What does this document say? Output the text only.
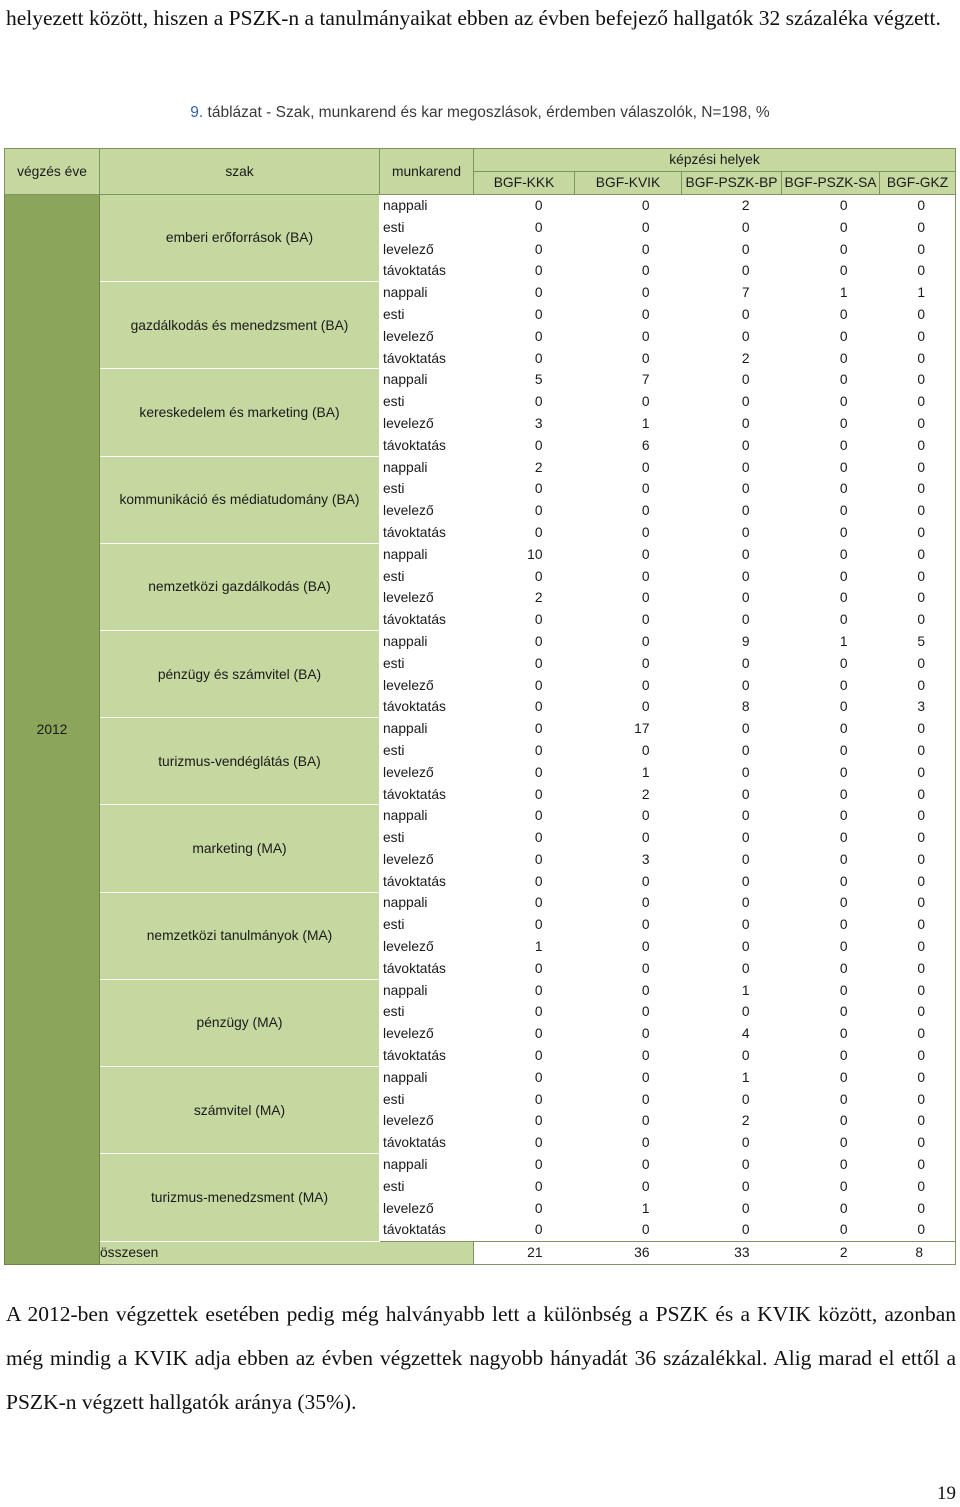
helyezett között, hiszen a PSZK-n a tanulmányaikat ebben az évben befejező hallgatók 32 százaléka végzett.

9. táblázat - Szak, munkarend és kar megoszlások, érdemben válaszolók, N=198, %
végzés éve	szak	munkarend	képzési helyek				
			BGF-KKK	BGF-KVIK	BGF-PSZK-BP	BGF-PSZK-SA	BGF-GKZ
2012	emberi erőforrások (BA)	nappali	0	0	2	0	0
		esti	0	0	0	0	0
		levelező	0	0	0	0	0
		távoktatás	0	0	0	0	0
	gazdálkodás és menedzsment (BA)	nappali	0	0	7	1	1
		esti	0	0	0	0	0
		levelező	0	0	0	0	0
		távoktatás	0	0	2	0	0
	kereskedelem és marketing (BA)	nappali	5	7	0	0	0
		esti	0	0	0	0	0
		levelező	3	1	0	0	0
		távoktatás	0	6	0	0	0
	kommunikáció és médiatudomány (BA)	nappali	2	0	0	0	0
		esti	0	0	0	0	0
		levelező	0	0	0	0	0
		távoktatás	0	0	0	0	0
	nemzetközi gazdálkodás (BA)	nappali	10	0	0	0	0
		esti	0	0	0	0	0
		levelező	2	0	0	0	0
		távoktatás	0	0	0	0	0
	pénzügy és számvitel (BA)	nappali	0	0	9	1	5
		esti	0	0	0	0	0
		levelező	0	0	0	0	0
		távoktatás	0	0	8	0	3
	turizmus-vendéglátás (BA)	nappali	0	17	0	0	0
		esti	0	0	0	0	0
		levelező	0	1	0	0	0
		távoktatás	0	2	0	0	0
	marketing (MA)	nappali	0	0	0	0	0
		esti	0	0	0	0	0
		levelező	0	3	0	0	0
		távoktatás	0	0	0	0	0
	nemzetközi tanulmányok (MA)	nappali	0	0	0	0	0
		esti	0	0	0	0	0
		levelező	1	0	0	0	0
		távoktatás	0	0	0	0	0
	pénzügy (MA)	nappali	0	0	1	0	0
		esti	0	0	0	0	0
		levelező	0	0	4	0	0
		távoktatás	0	0	0	0	0
	számvitel (MA)	nappali	0	0	1	0	0
		esti	0	0	0	0	0
		levelező	0	0	2	0	0
		távoktatás	0	0	0	0	0
	turizmus-menedzsment (MA)	nappali	0	0	0	0	0
		esti	0	0	0	0	0
		levelező	0	1	0	0	0
		távoktatás	0	0	0	0	0
	összesen		21	36	33	2	8

A 2012-ben végzettek esetében pedig még halványabb lett a különbség a PSZK és a KVIK között, azonban még mindig a KVIK adja ebben az évben végzettek nagyobb hányadát 36 százalékkal. Alig marad el ettől a PSZK-n végzett hallgatók aránya (35%).

19
